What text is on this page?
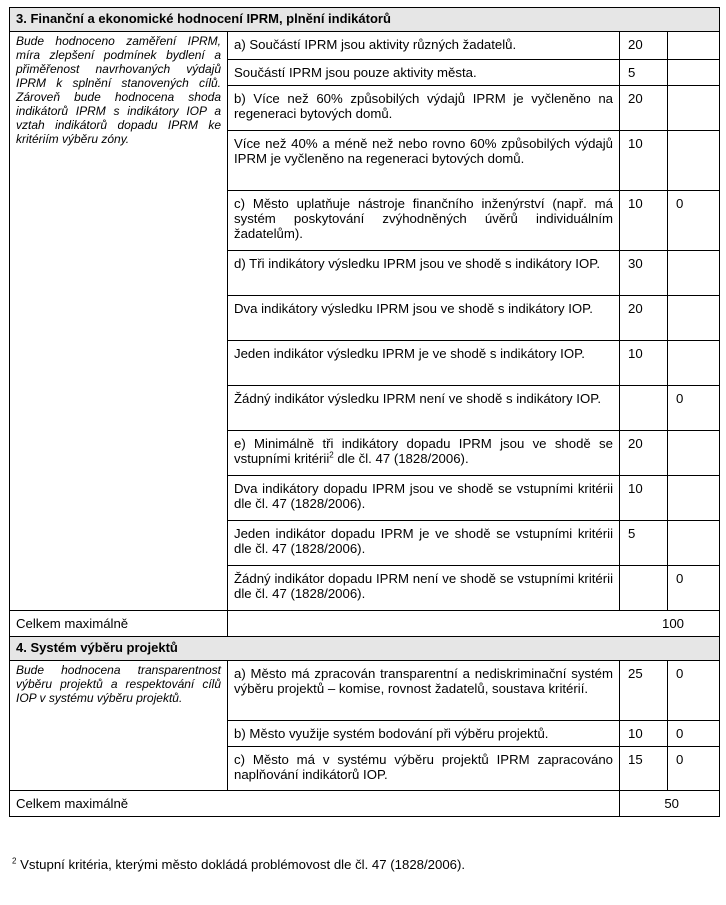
3. Finanční a ekonomické hodnocení IPRM, plnění indikátorů			
Bude hodnoceno zaměření IPRM, míra zlepšení podmínek bydlení a přiměřenost navrhovaných výdajů IPRM k splnění stanovených cílů. Zároveň bude hodnocena shoda indikátorů IPRM s indikátory IOP a vztah indikátorů dopadu IPRM ke kritériím výběru zóny.	a) Součástí IPRM jsou aktivity různých žadatelů.	20	
	Součástí IPRM jsou pouze aktivity města.	5	
	b) Více než 60% způsobilých výdajů IPRM je vyčleněno na regeneraci bytových domů.	20	
	Více než 40% a méně než nebo rovno 60% způsobilých výdajů IPRM je vyčleněno na regeneraci bytových domů.	10	
	c) Město uplatňuje nástroje finančního inženýrství (např. má systém poskytování zvýhodněných úvěrů individuálním žadatelům).	10	0
	d) Tři indikátory výsledku IPRM jsou ve shodě s indikátory IOP.	30	
	Dva indikátory výsledku IPRM jsou ve shodě s indikátory IOP.	20	
	Jeden indikátor výsledku IPRM je ve shodě s indikátory IOP.	10	
	Žádný indikátor výsledku IPRM není ve shodě s indikátory IOP.		0
	e) Minimálně tři indikátory dopadu IPRM jsou ve shodě se vstupními kritérii$^2$ dle čl. 47 (1828/2006).	20	
	Dva indikátory dopadu IPRM jsou ve shodě se vstupními kritérii dle čl. 47 (1828/2006).	10	
	Jeden indikátor dopadu IPRM je ve shodě se vstupními kritérii dle čl. 47 (1828/2006).	5	
	Žádný indikátor dopadu IPRM není ve shodě se vstupními kritérii dle čl. 47 (1828/2006).		0
Celkem maximálně	100		
4. Systém výběru projektů			
Bude hodnocena transparentnost výběru projektů a respektování cílů IOP v systému výběru projektů.	a) Město má zpracován transparentní a nediskriminační systém výběru projektů – komise, rovnost žadatelů, soustava kritérií.	25	0
	b) Město využije systém bodování při výběru projektů.	10	0
	c) Město má v systému výběru projektů IPRM zapracováno naplňování indikátorů IOP.	15	0
Celkem maximálně		50	
$^2$ Vstupní kritéria, kterými město dokládá problémovost dle čl. 47 (1828/2006).
